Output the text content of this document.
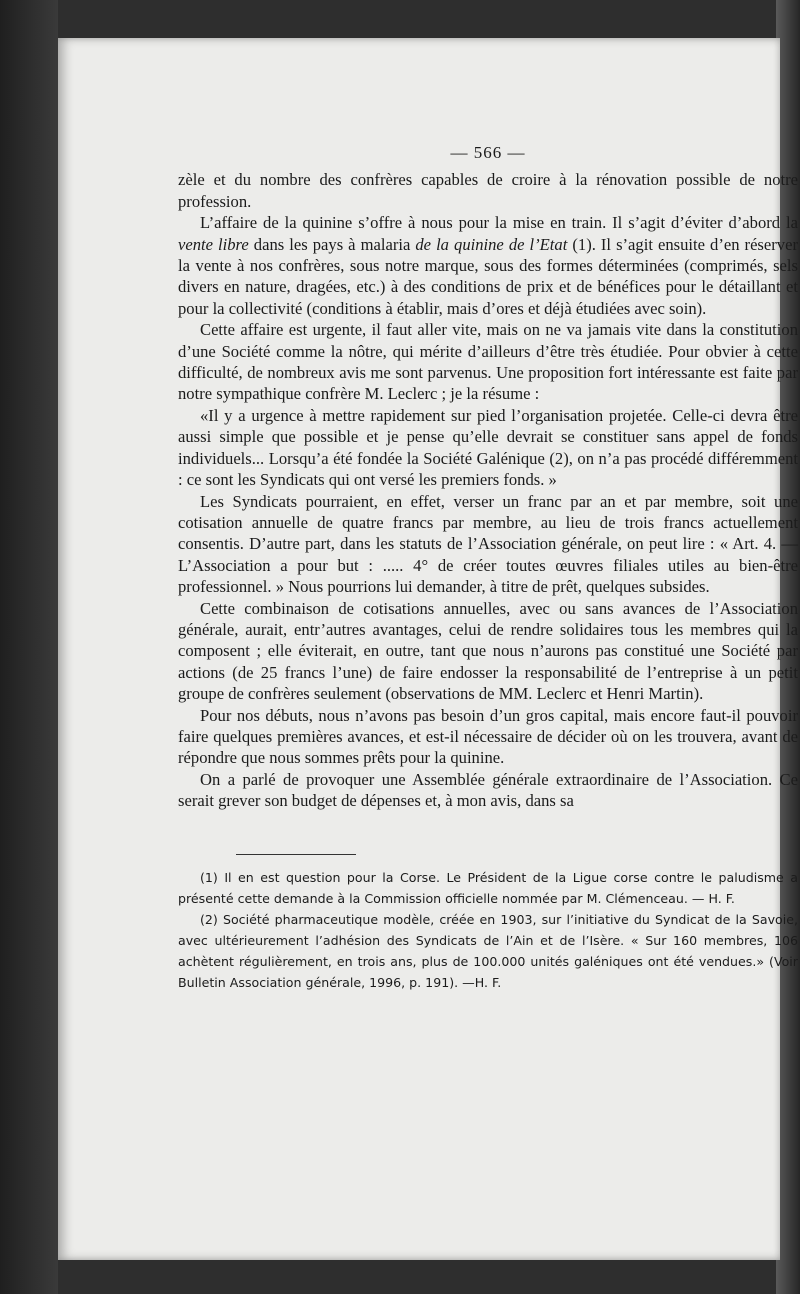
— 566 —

zèle et du nombre des confrères capables de croire à la rénovation possible de notre profession.

L’affaire de la quinine s’offre à nous pour la mise en train. Il s’agit d’éviter d’abord la vente libre dans les pays à malaria de la quinine de l’Etat (1). Il s’agit ensuite d’en réserver la vente à nos confrères, sous notre marque, sous des formes déterminées (comprimés, sels divers en nature, dragées, etc.) à des conditions de prix et de bénéfices pour le détaillant et pour la collectivité (conditions à établir, mais d’ores et déjà étudiées avec soin).

Cette affaire est urgente, il faut aller vite, mais on ne va jamais vite dans la constitution d’une Société comme la nôtre, qui mérite d’ailleurs d’être très étudiée. Pour obvier à cette difficulté, de nombreux avis me sont parvenus. Une proposition fort intéressante est faite par notre sympathique confrère M. Leclerc ; je la résume :

«Il y a urgence à mettre rapidement sur pied l’organisation projetée. Celle-ci devra être aussi simple que possible et je pense qu’elle devrait se constituer sans appel de fonds individuels... Lorsqu’a été fondée la Société Galénique (2), on n’a pas procédé différemment : ce sont les Syndicats qui ont versé les premiers fonds. »

Les Syndicats pourraient, en effet, verser un franc par an et par membre, soit une cotisation annuelle de quatre francs par membre, au lieu de trois francs actuellement consentis. D’autre part, dans les statuts de l’Association générale, on peut lire : « Art. 4. — L’Association a pour but : ..... 4° de créer toutes œuvres filiales utiles au bien-être professionnel. » Nous pourrions lui demander, à titre de prêt, quelques subsides.

Cette combinaison de cotisations annuelles, avec ou sans avances de l’Association générale, aurait, entr’autres avantages, celui de rendre solidaires tous les membres qui la composent ; elle éviterait, en outre, tant que nous n’aurons pas constitué une Société par actions (de 25 francs l’une) de faire endosser la responsabilité de l’entreprise à un petit groupe de confrères seulement (observations de MM. Leclerc et Henri Martin).

Pour nos débuts, nous n’avons pas besoin d’un gros capital, mais encore faut-il pouvoir faire quelques premières avances, et est-il nécessaire de décider où on les trouvera, avant de répondre que nous sommes prêts pour la quinine.

On a parlé de provoquer une Assemblée générale extraordinaire de l’Association. Ce serait grever son budget de dépenses et, à mon avis, dans sa

(1) Il en est question pour la Corse. Le Président de la Ligue corse contre le paludisme a présenté cette demande à la Commission officielle nommée par M. Clémenceau. — H. F.

(2) Société pharmaceutique modèle, créée en 1903, sur l’initiative du Syndicat de la Savoie, avec ultérieurement l’adhésion des Syndicats de l’Ain et de l’Isère. « Sur 160 membres, 106 achètent régulièrement, en trois ans, plus de 100.000 unités galéniques ont été vendues.» (Voir Bulletin Association générale, 1996, p. 191). —H. F.
